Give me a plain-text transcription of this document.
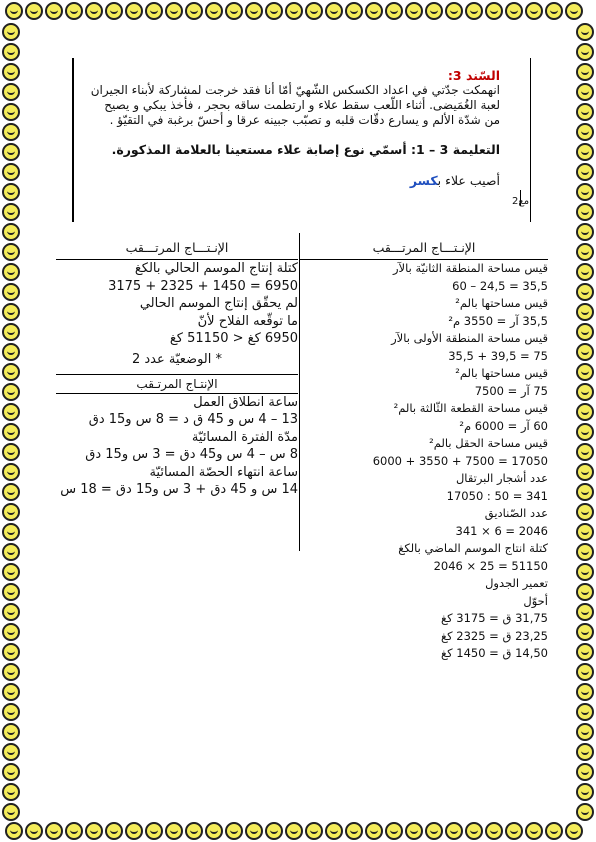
السّند 3:
انهمكت جدّتي في اعداد الكسكس الشّهيّ أمّا أنا فقد خرجت لمشاركة لأبناء الجيران
لعبة الغُمَيضى. أثناء اللّعب سقط علاء و ارتطمت ساقه بحجر ، فأخذ يبكي و يصيح
من شدّة الألم و يسارع دقّات قلبه و تصبّب جبينه عرقا و أحسّ برغبة في التقيّؤ .
التعليمة 3 – 1: أسمّي نوع إصابة علاء مستعينا بالعلامة المذكورة.
أصيب علاء بكسر
مع2
الإنـتـــاج المرتـــقب
قيس مساحة المنطقة الثانيّة بالآر
35,5 = 24,5 – 60
قيس مساحتها بالم²
35,5 آر = 3550 م²
قيس مساحة المنطقة الأولى بالآر
75 = 39,5 + 35,5
قيس مساحتها بالم²
75 آر = 7500
قيس مساحة القطعة الثّالثة بالم²
60 آر = 6000 م²
قيس مساحة الحقل بالم²
17050 = 7500 + 3550 + 6000
عدد أشجار البرتقال
341 = 50 : 17050
عدد الصّناديق
2046 = 6 × 341
كتلة انتاج الموسم الماضي بالكغ
51150 = 25 × 2046
تعمير الجدول
أحوّل
31,75 ق = 3175 كغ
23,25 ق = 2325 كغ
14,50 ق = 1450 كغ
الإنـتـــاج المرتـــقب
كتلة إنتاج الموسم الحالي بالكغ
6950 = 1450 + 2325 + 3175
لم يحقّق إنتاج الموسم الحالي
ما توقّعه الفلاح لأنّ
6950 كغ < 51150 كغ
* الوضعيّة عدد 2
الإنتـاج المرتـقب
ساعة انطلاق العمل
13 – 4 س و 45 ق د = 8 س و15 دق
مدّة الفترة المسائيّة
8 س – 4 س و45 دق = 3 س و15 دق
ساعة انتهاء الحصّة المسائيّة
14 س و 45 دق + 3 س و15 دق = 18 س
